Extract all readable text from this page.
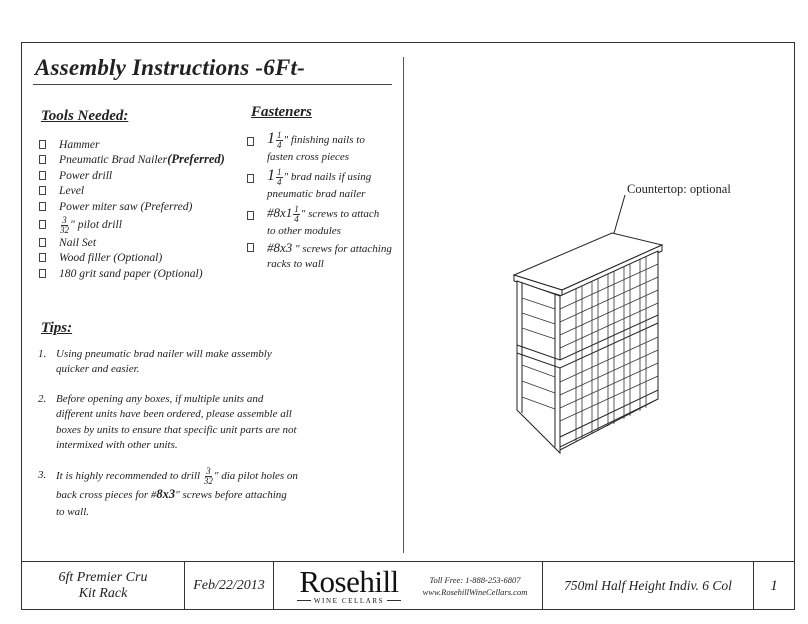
Assembly Instructions -6Ft-
Tools Needed:
Hammer
Pneumatic Brad Nailer(Preferred)
Power drill
Level
Power miter saw (Preferred)
$\frac{3}{32}$ " pilot drill
Nail Set
Wood filler (Optional)
180 grit sand paper (Optional)
Fasteners
$1 \frac{1}{4}$ " finishing nails to
fasten cross pieces
$1 \frac{1}{4}$ " brad nails if using
pneumatic brad nailer
#8x1 $\frac{1}{4}$ " screws to attach
to other modules
#8x3 " screws for attaching
racks to wall
Tips:
1. Using pneumatic brad nailer will make assembly quicker and easier.
2. Before opening any boxes, if multiple units and different units have been ordered, please assemble all boxes by units to ensure that specific unit parts are not intermixed with other units.
3. It is highly recommended to drill $\frac{3}{32}$ " dia pilot holes on back cross pieces for #8x3" screws before attaching to wall.
Countertop: optional
6ft Premier Cru
Kit Rack
Feb/22/2013 Rosehill
WINE CELLARS
Toll Free: 1-888-253-6807
www.RosehillWineCellars.com	750ml Half Height Indiv. 6 Col	1
